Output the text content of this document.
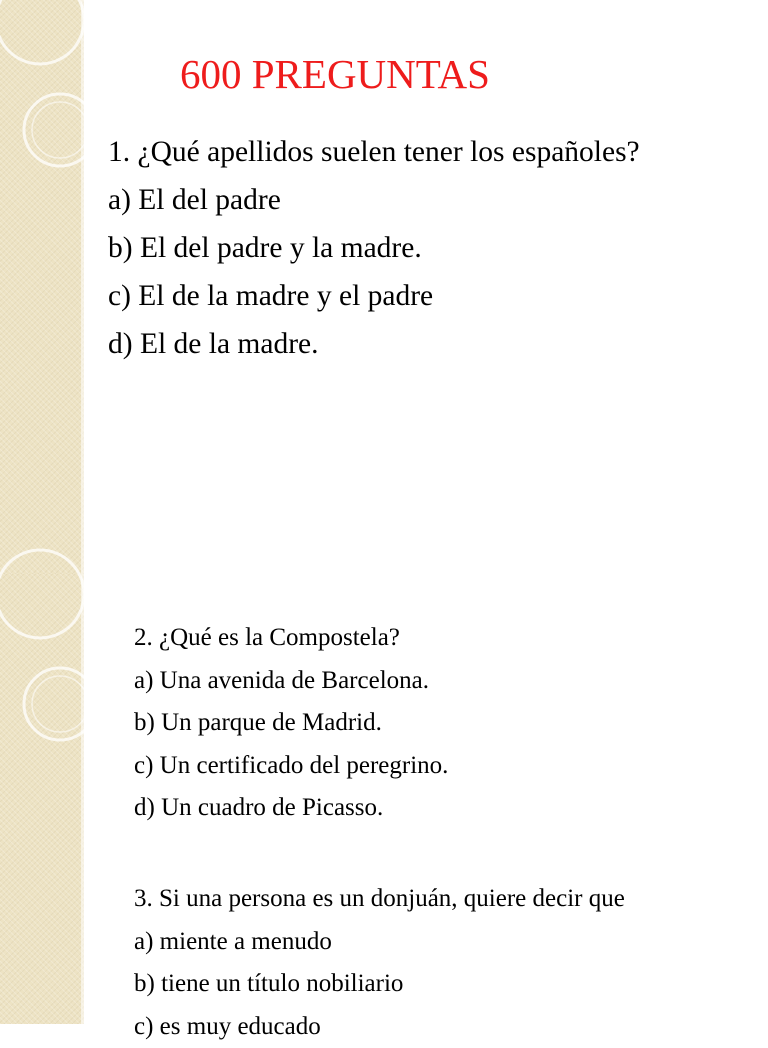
600 PREGUNTAS
1. ¿Qué apellidos suelen tener los españoles?
a) El del padre
b) El del padre y la madre.
c) El de la madre y el padre
d) El de la madre.
2. ¿Qué es la Compostela?
a) Una avenida de Barcelona.
b) Un parque de Madrid.
c) Un certificado del peregrino.
d) Un cuadro de Picasso.
3. Si una persona es un donjuán, quiere decir que
a) miente a menudo
b) tiene un título nobiliario
c) es muy educado
